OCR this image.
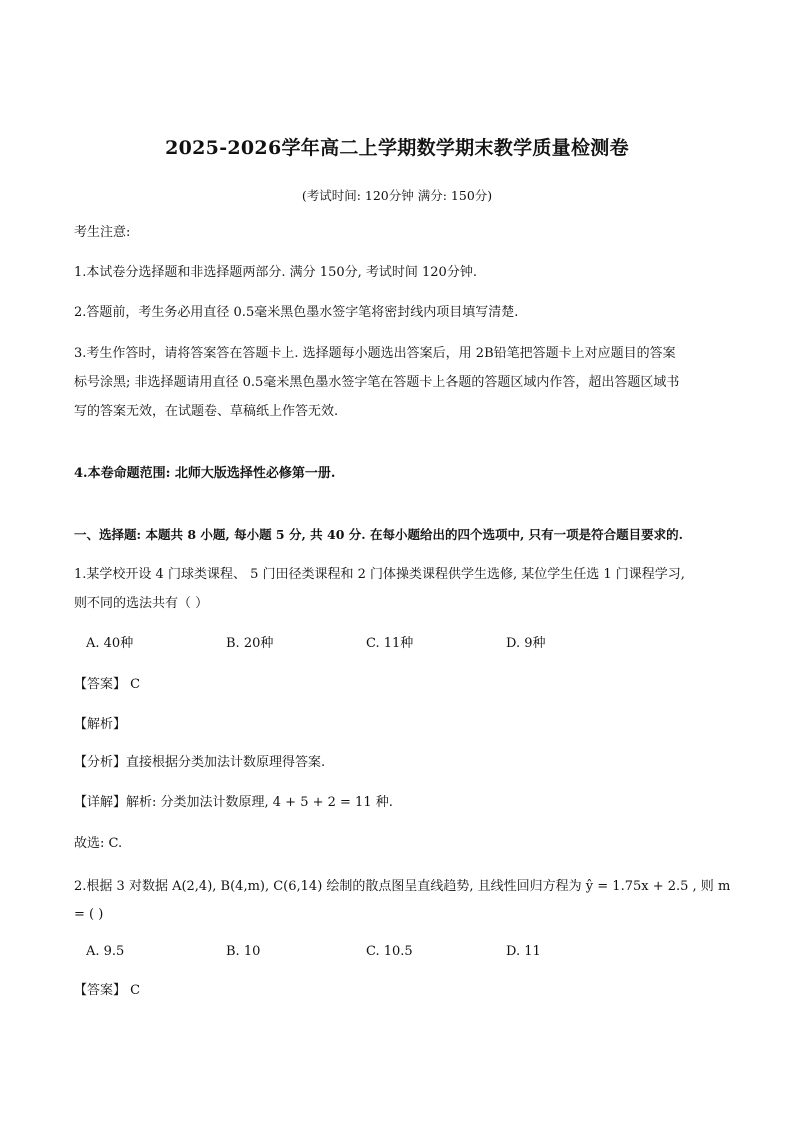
2025-2026学年高二上学期数学期末教学质量检测卷
(考试时间: 120分钟 满分: 150分)
考生注意:
1.本试卷分选择题和非选择题两部分. 满分 150分, 考试时间 120分钟.
2.答题前，考生务必用直径 0.5毫米黑色墨水签字笔将密封线内项目填写清楚.
3.考生作答时，请将答案答在答题卡上. 选择题每小题选出答案后，用 2B铅笔把答题卡上对应题目的答案
标号涂黑; 非选择题请用直径 0.5毫米黑色墨水签字笔在答题卡上各题的答题区域内作答，超出答题区域书
写的答案无效，在试题卷、草稿纸上作答无效.
4.本卷命题范围: 北师大版选择性必修第一册.
一、选择题: 本题共 8 小题, 每小题 5 分, 共 40 分. 在每小题给出的四个选项中, 只有一项是符合题目要求的.
1.某学校开设 4 门球类课程、 5 门田径类课程和 2 门体操类课程供学生选修, 某位学生任选 1 门课程学习,
则不同的选法共有（ ）
A. 40种	B. 20种	C. 11种	D. 9种
【答案】 C
【解析】
【分析】直接根据分类加法计数原理得答案.
【详解】解析: 分类加法计数原理, 4 + 5 + 2 = 11 种.
故选: C.
2.根据 3 对数据 A(2,4), B(4,m), C(6,14) 绘制的散点图呈直线趋势, 且线性回归方程为 ŷ = 1.75x + 2.5 , 则 m
= ( )
A. 9.5	B. 10	C. 10.5	D. 11
【答案】 C
